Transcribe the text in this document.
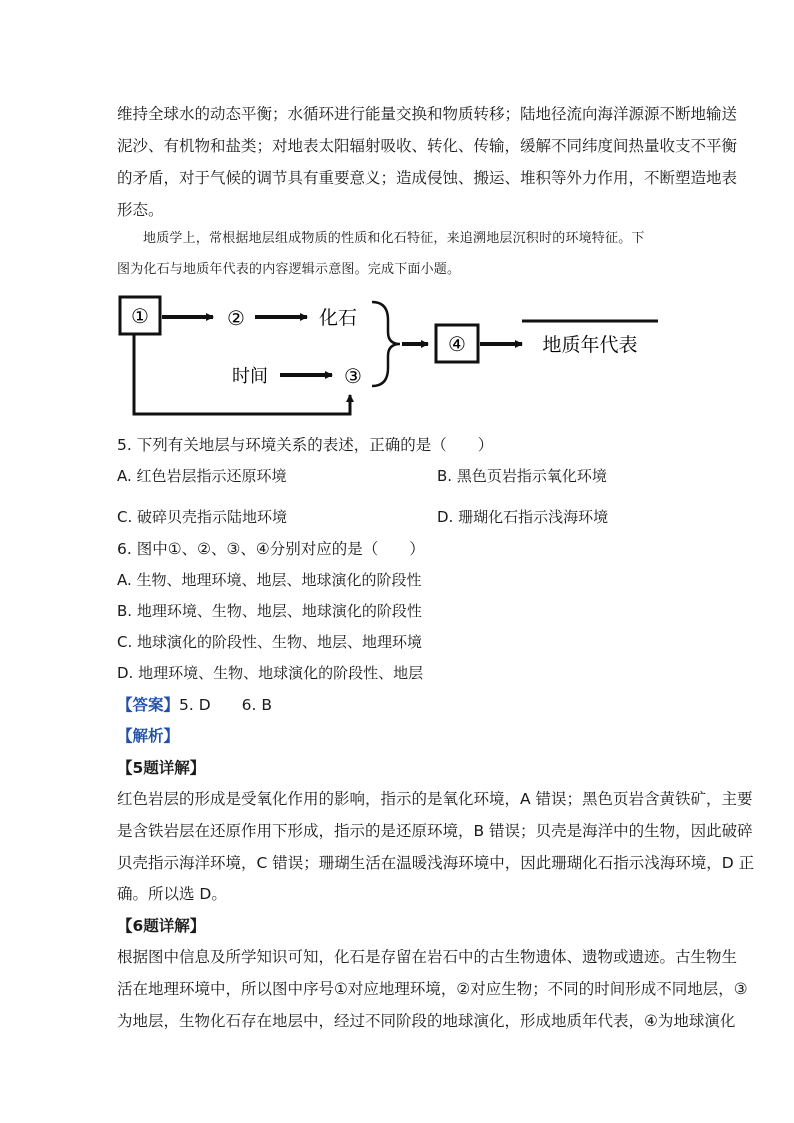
维持全球水的动态平衡；水循环进行能量交换和物质转移；陆地径流向海洋源源不断地输送
泥沙、有机物和盐类；对地表太阳辐射吸收、转化、传输，缓解不同纬度间热量收支不平衡
的矛盾，对于气候的调节具有重要意义；造成侵蚀、搬运、堆积等外力作用，不断塑造地表
形态。
地质学上，常根据地层组成物质的性质和化石特征，来追溯地层沉积时的环境特征。下
图为化石与地质年代表的内容逻辑示意图。完成下面小题。
①	②	化石
时间	③
④	地质年代表
5. 下列有关地层与环境关系的表述，正确的是（　　）
A. 红色岩层指示还原环境	B. 黑色页岩指示氧化环境
C. 破碎贝壳指示陆地环境	D. 珊瑚化石指示浅海环境
6. 图中①、②、③、④分别对应的是（　　）
A. 生物、地理环境、地层、地球演化的阶段性
B. 地理环境、生物、地层、地球演化的阶段性
C. 地球演化的阶段性、生物、地层、地理环境
D. 地理环境、生物、地球演化的阶段性、地层
【答案】5. D　　6. B
【解析】
【5题详解】
红色岩层的形成是受氧化作用的影响，指示的是氧化环境，A 错误；黑色页岩含黄铁矿，主要
是含铁岩层在还原作用下形成，指示的是还原环境，B 错误；贝壳是海洋中的生物，因此破碎
贝壳指示海洋环境，C 错误；珊瑚生活在温暖浅海环境中，因此珊瑚化石指示浅海环境，D 正
确。所以选 D。
【6题详解】
根据图中信息及所学知识可知，化石是存留在岩石中的古生物遗体、遗物或遗迹。古生物生
活在地理环境中，所以图中序号①对应地理环境，②对应生物；不同的时间形成不同地层，③
为地层，生物化石存在地层中，经过不同阶段的地球演化，形成地质年代表，④为地球演化
